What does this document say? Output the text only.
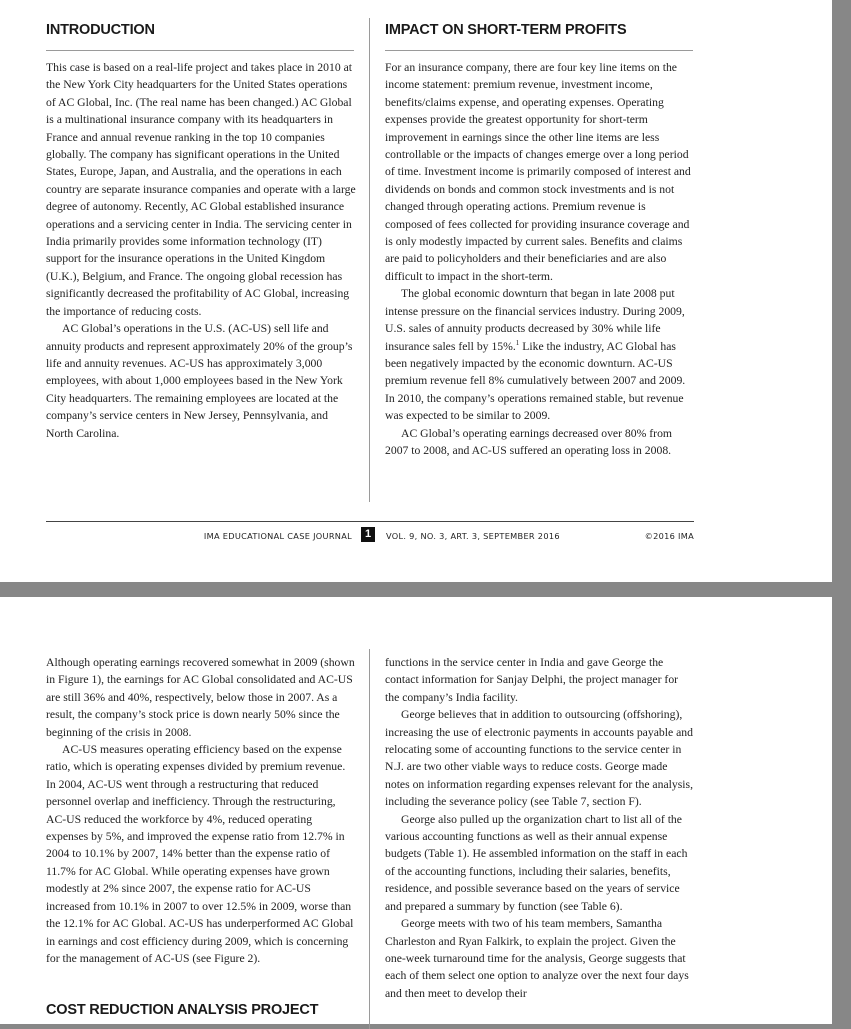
INTRODUCTION	IMPACT ON SHORT-TERM PROFITS

This case is based on a real-life project and takes place in 2010 at the New York City headquarters for the United States operations of AC Global, Inc. (The real name has been changed.) AC Global is a multinational insurance company with its headquarters in France and annual revenue ranking in the top 10 companies globally. The company has significant operations in the United States, Europe, Japan, and Australia, and the operations in each country are separate insurance companies and operate with a large degree of autonomy. Recently, AC Global established insurance operations and a servicing center in India. The servicing center in India primarily provides some information technology (IT) support for the insurance operations in the United Kingdom (U.K.), Belgium, and France. The ongoing global recession has significantly decreased the profitability of AC Global, increasing the importance of reducing costs.

AC Global’s operations in the U.S. (AC-US) sell life and annuity products and represent approximately 20% of the group’s life and annuity revenues. AC-US has approximately 3,000 employees, with about 1,000 employees based in the New York City headquarters. The remaining employees are located at the company’s service centers in New Jersey, Pennsylvania, and North Carolina.

For an insurance company, there are four key line items on the income statement: premium revenue, investment income, benefits/claims expense, and operating expenses. Operating expenses provide the greatest opportunity for short-term improvement in earnings since the other line items are less controllable or the impacts of changes emerge over a long period of time. Investment income is primarily composed of interest and dividends on bonds and common stock investments and is not changed through operating actions. Premium revenue is composed of fees collected for providing insurance coverage and is only modestly impacted by current sales. Benefits and claims are paid to policyholders and their beneficiaries and are also difficult to impact in the short-term.

The global economic downturn that began in late 2008 put intense pressure on the financial services industry. During 2009, U.S. sales of annuity products decreased by 30% while life insurance sales fell by 15%.$^1$ Like the industry, AC Global has been negatively impacted by the economic downturn. AC-US premium revenue fell 8% cumulatively between 2007 and 2009. In 2010, the company’s operations remained stable, but revenue was expected to be similar to 2009.

AC Global’s operating earnings decreased over 80% from 2007 to 2008, and AC-US suffered an operating loss in 2008.

IMA EDUCATIONAL CASE JOURNAL	1	VOL. 9, NO. 3, ART. 3, SEPTEMBER 2016	©2016 IMA

Although operating earnings recovered somewhat in 2009 (shown in Figure 1), the earnings for AC Global consolidated and AC-US are still 36% and 40%, respectively, below those in 2007. As a result, the company’s stock price is down nearly 50% since the beginning of the crisis in 2008.

AC-US measures operating efficiency based on the expense ratio, which is operating expenses divided by premium revenue. In 2004, AC-US went through a restructuring that reduced personnel overlap and inefficiency. Through the restructuring, AC-US reduced the workforce by 4%, reduced operating expenses by 5%, and improved the expense ratio from 12.7% in 2004 to 10.1% by 2007, 14% better than the expense ratio of 11.7% for AC Global. While operating expenses have grown modestly at 2% since 2007, the expense ratio for AC-US increased from 10.1% in 2007 to over 12.5% in 2009, worse than the 12.1% for AC Global. AC-US has underperformed AC Global in earnings and cost efficiency during 2009, which is concerning for the management of AC-US (see Figure 2).

COST REDUCTION ANALYSIS PROJECT

functions in the service center in India and gave George the contact information for Sanjay Delphi, the project manager for the company’s India facility.

George believes that in addition to outsourcing (offshoring), increasing the use of electronic payments in accounts payable and relocating some of accounting functions to the service center in N.J. are two other viable ways to reduce costs. George made notes on information regarding expenses relevant for the analysis, including the severance policy (see Table 7, section F).

George also pulled up the organization chart to list all of the various accounting functions as well as their annual expense budgets (Table 1). He assembled information on the staff in each of the accounting functions, including their salaries, benefits, residence, and possible severance based on the years of service and prepared a summary by function (see Table 6).

George meets with two of his team members, Samantha Charleston and Ryan Falkirk, to explain the project. Given the one-week turnaround time for the analysis, George suggests that each of them select one option to analyze over the next four days and then meet to develop their
